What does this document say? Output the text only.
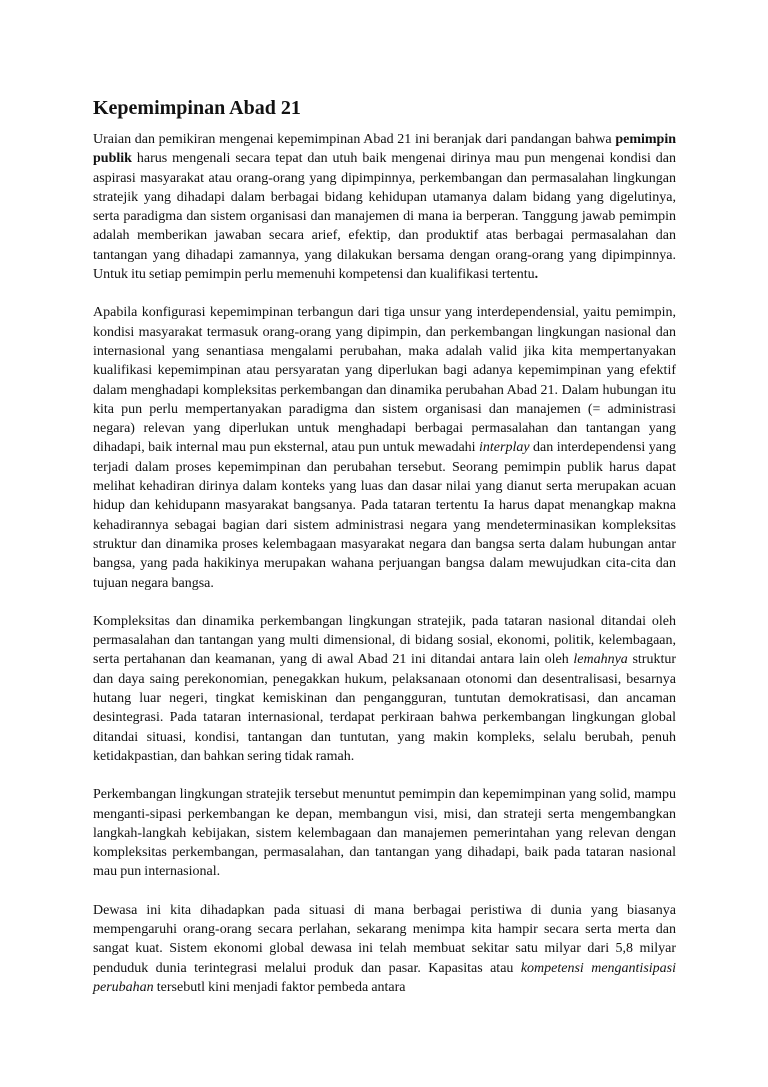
Kepemimpinan Abad 21

Uraian dan pemikiran mengenai kepemimpinan Abad 21 ini beranjak dari pandangan bahwa pemimpin publik harus mengenali secara tepat dan utuh baik mengenai dirinya mau pun mengenai kondisi dan aspirasi masyarakat atau orang-orang yang dipimpinnya, perkembangan dan permasalahan lingkungan stratejik yang dihadapi dalam berbagai bidang kehidupan utamanya dalam bidang yang digelutinya, serta paradigma dan sistem organisasi dan manajemen di mana ia berperan. Tanggung jawab pemimpin adalah memberikan jawaban secara arief, efektip, dan produktif atas berbagai permasalahan dan tantangan yang dihadapi zamannya, yang dilakukan bersama dengan orang-orang yang dipimpinnya. Untuk itu setiap pemimpin perlu memenuhi kompetensi dan kualifikasi tertentu.

Apabila konfigurasi kepemimpinan terbangun dari tiga unsur yang interdependensial, yaitu pemimpin, kondisi masyarakat termasuk orang-orang yang dipimpin, dan perkembangan lingkungan nasional dan internasional yang senantiasa mengalami perubahan, maka adalah valid jika kita mempertanyakan kualifikasi kepemimpinan atau persyaratan yang diperlukan bagi adanya kepemimpinan yang efektif dalam menghadapi kompleksitas perkembangan dan dinamika perubahan Abad 21. Dalam hubungan itu kita pun perlu mempertanyakan paradigma dan sistem organisasi dan manajemen (= administrasi negara) relevan yang diperlukan untuk menghadapi berbagai permasalahan dan tantangan yang dihadapi, baik internal mau pun eksternal, atau pun untuk mewadahi interplay dan interdependensi yang terjadi dalam proses kepemimpinan dan perubahan tersebut. Seorang pemimpin publik harus dapat melihat kehadiran dirinya dalam konteks yang luas dan dasar nilai yang dianut serta merupakan acuan hidup dan kehidupann masyarakat bangsanya. Pada tataran tertentu Ia harus dapat menangkap makna kehadirannya sebagai bagian dari sistem administrasi negara yang mendeterminasikan kompleksitas struktur dan dinamika proses kelembagaan masyarakat negara dan bangsa serta dalam hubungan antar bangsa, yang pada hakikinya merupakan wahana perjuangan bangsa dalam mewujudkan cita-cita dan tujuan negara bangsa.

Kompleksitas dan dinamika perkembangan lingkungan stratejik, pada tataran nasional ditandai oleh permasalahan dan tantangan yang multi dimensional, di bidang sosial, ekonomi, politik, kelembagaan, serta pertahanan dan keamanan, yang di awal Abad 21 ini ditandai antara lain oleh lemahnya struktur dan daya saing perekonomian, penegakkan hukum, pelaksanaan otonomi dan desentralisasi, besarnya hutang luar negeri, tingkat kemiskinan dan pengangguran, tuntutan demokratisasi, dan ancaman desintegrasi. Pada tataran internasional, terdapat perkiraan bahwa perkembangan lingkungan global ditandai situasi, kondisi, tantangan dan tuntutan, yang makin kompleks, selalu berubah, penuh ketidakpastian, dan bahkan sering tidak ramah.

Perkembangan lingkungan stratejik tersebut menuntut pemimpin dan kepemimpinan yang solid, mampu menganti-sipasi perkembangan ke depan, membangun visi, misi, dan strateji serta mengembangkan langkah-langkah kebijakan, sistem kelembagaan dan manajemen pemerintahan yang relevan dengan kompleksitas perkembangan, permasalahan, dan tantangan yang dihadapi, baik pada tataran nasional mau pun internasional.

Dewasa ini kita dihadapkan pada situasi di mana berbagai peristiwa di dunia yang biasanya mempengaruhi orang-orang secara perlahan, sekarang menimpa kita hampir secara serta merta dan sangat kuat. Sistem ekonomi global dewasa ini telah membuat sekitar satu milyar dari 5,8 milyar penduduk dunia terintegrasi melalui produk dan pasar. Kapasitas atau kompetensi mengantisipasi perubahan tersebutl kini menjadi faktor pembeda antara
